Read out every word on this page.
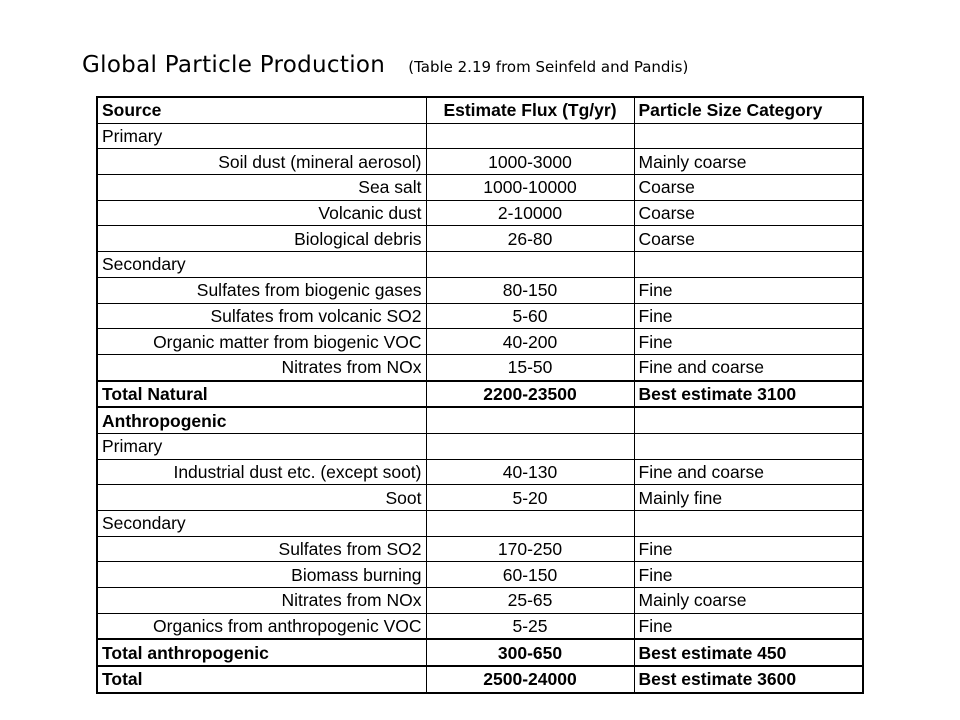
Global Particle Production (Table 2.19 from Seinfeld and Pandis)
Source	Estimate Flux (Tg/yr)	Particle Size Category
Primary		
Soil dust (mineral aerosol)	1000-3000	Mainly coarse
Sea salt	1000-10000	Coarse
Volcanic dust	2-10000	Coarse
Biological debris	26-80	Coarse
Secondary		
Sulfates from biogenic gases	80-150	Fine
Sulfates from volcanic SO2	5-60	Fine
Organic matter from biogenic VOC	40-200	Fine
Nitrates from NOx	15-50	Fine and coarse
Total Natural	2200-23500	Best estimate 3100
Anthropogenic		
Primary		
Industrial dust etc. (except soot)	40-130	Fine and coarse
Soot	5-20	Mainly fine
Secondary		
Sulfates from SO2	170-250	Fine
Biomass burning	60-150	Fine
Nitrates from NOx	25-65	Mainly coarse
Organics from anthropogenic VOC	5-25	Fine
Total anthropogenic	300-650	Best estimate 450
Total	2500-24000	Best estimate 3600
